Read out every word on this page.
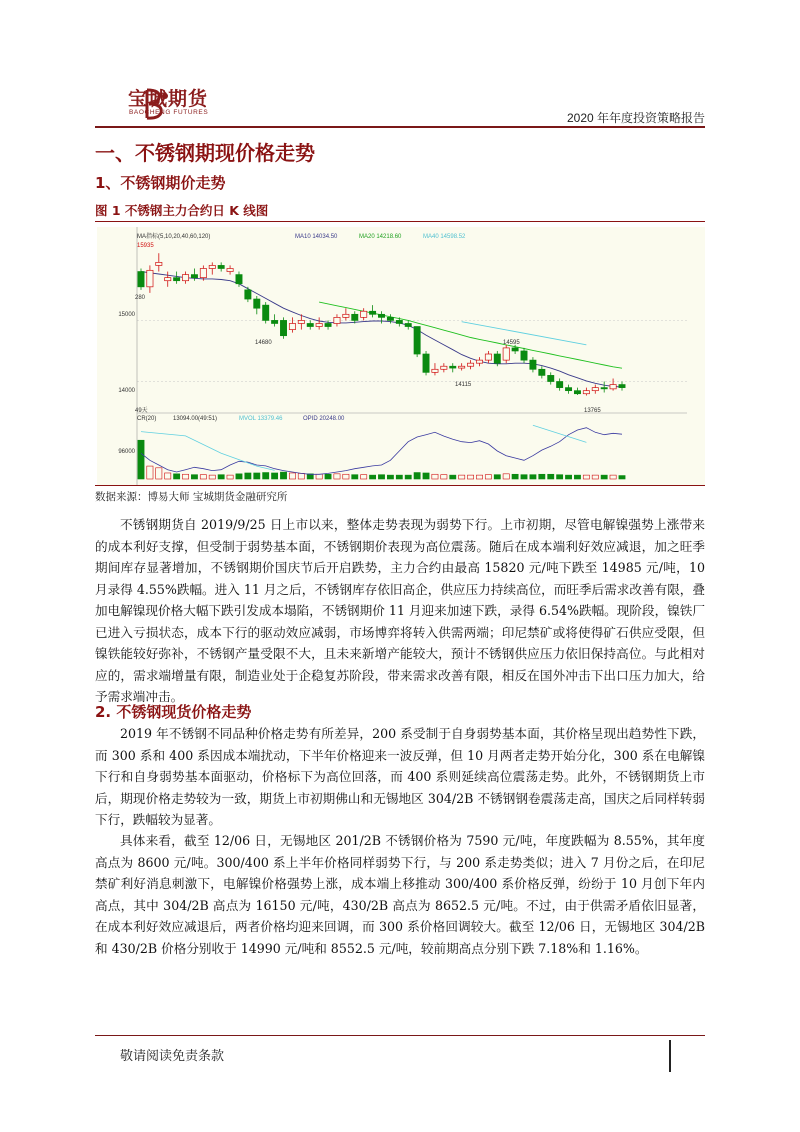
宝城期货
BAOCHENG FUTURES	2020 年年度投资策略报告
一、不锈钢期现价格走势
1、不锈钢期价走势
图 1 不锈钢主力合约日 K 线图
MA指标(5,10,20,40,60,120)	MA10 14034.50	MA20 14218.60	MA40 14598.52
15000
14000
15935
280
14680	14595
14115
13765
49天
CR(20)	13094.00(49:51)	MVOL 13379.46	OPID 20248.00
96000
数据来源：博易大师 宝城期货金融研究所

不锈钢期货自 2019/9/25 日上市以来，整体走势表现为弱势下行。上市初期，尽管电解镍强势上涨带来的成本利好支撑，但受制于弱势基本面，不锈钢期价表现为高位震荡。随后在成本端利好效应减退，加之旺季期间库存显著增加，不锈钢期价国庆节后开启跌势，主力合约由最高 15820 元/吨下跌至 14985 元/吨，10 月录得 4.55%跌幅。进入 11 月之后，不锈钢库存依旧高企，供应压力持续高位，而旺季后需求改善有限，叠加电解镍现价格大幅下跌引发成本塌陷，不锈钢期价 11 月迎来加速下跌，录得 6.54%跌幅。现阶段，镍铁厂已进入亏损状态，成本下行的驱动效应减弱，市场博弈将转入供需两端；印尼禁矿或将使得矿石供应受限，但镍铁能较好弥补，不锈钢产量受限不大，且未来新增产能较大，预计不锈钢供应压力依旧保持高位。与此相对应的，需求端增量有限，制造业处于企稳复苏阶段，带来需求改善有限，相反在国外冲击下出口压力加大，给予需求端冲击。

2. 不锈钢现货价格走势

2019 年不锈钢不同品种价格走势有所差异，200 系受制于自身弱势基本面，其价格呈现出趋势性下跌，而 300 系和 400 系因成本端扰动，下半年价格迎来一波反弹，但 10 月两者走势开始分化，300 系在电解镍下行和自身弱势基本面驱动，价格标下为高位回落，而 400 系则延续高位震荡走势。此外，不锈钢期货上市后，期现价格走势较为一致，期货上市初期佛山和无锡地区 304/2B 不锈钢钢卷震荡走高，国庆之后同样转弱下行，跌幅较为显著。

具体来看，截至 12/06 日，无锡地区 201/2B 不锈钢价格为 7590 元/吨，年度跌幅为 8.55%，其年度高点为 8600 元/吨。300/400 系上半年价格同样弱势下行，与 200 系走势类似；进入 7 月份之后，在印尼禁矿利好消息刺激下，电解镍价格强势上涨，成本端上移推动 300/400 系价格反弹，纷纷于 10 月创下年内高点，其中 304/2B 高点为 16150 元/吨，430/2B 高点为 8652.5 元/吨。不过，由于供需矛盾依旧显著，在成本利好效应减退后，两者价格均迎来回调，而 300 系价格回调较大。截至 12/06 日，无锡地区 304/2B 和 430/2B 价格分别收于 14990 元/吨和 8552.5 元/吨，较前期高点分别下跌 7.18%和 1.16%。

敬请阅读免责条款
